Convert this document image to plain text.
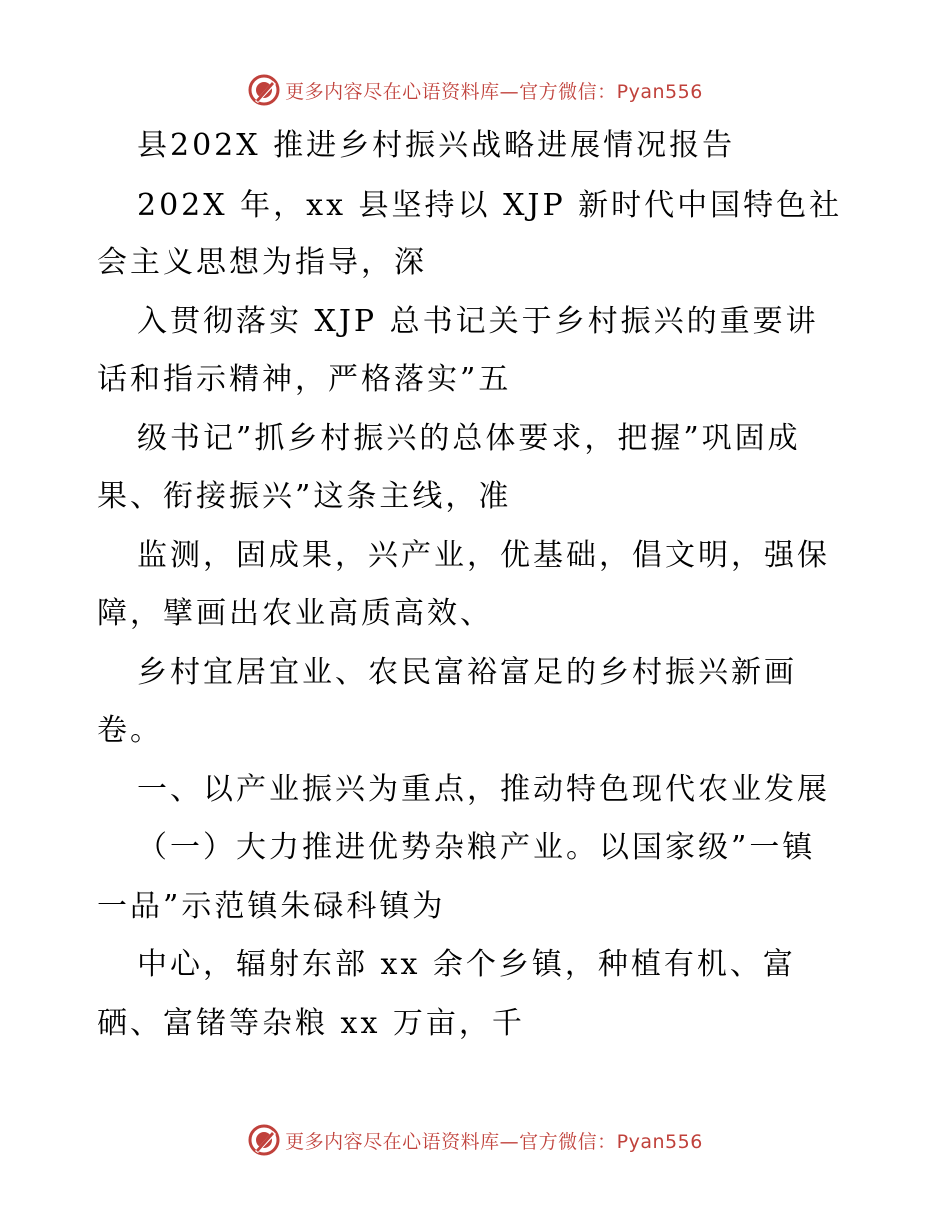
更多内容尽在心语资料库—官方微信：Pyan556
县202X 推进乡村振兴战略进展情况报告
202X 年，xx 县坚持以 XJP 新时代中国特色社
会主义思想为指导，深
入贯彻落实 XJP 总书记关于乡村振兴的重要讲
话和指示精神，严格落实”五
级书记”抓乡村振兴的总体要求，把握”巩固成
果、衔接振兴”这条主线，准
监测，固成果，兴产业，优基础，倡文明，强保
障，擘画出农业高质高效、
乡村宜居宜业、农民富裕富足的乡村振兴新画
卷。
一、以产业振兴为重点，推动特色现代农业发展
（一）大力推进优势杂粮产业。以国家级”一镇
一品”示范镇朱碌科镇为
中心，辐射东部 xx 余个乡镇，种植有机、富
硒、富锗等杂粮 xx 万亩，千
更多内容尽在心语资料库—官方微信：Pyan556
